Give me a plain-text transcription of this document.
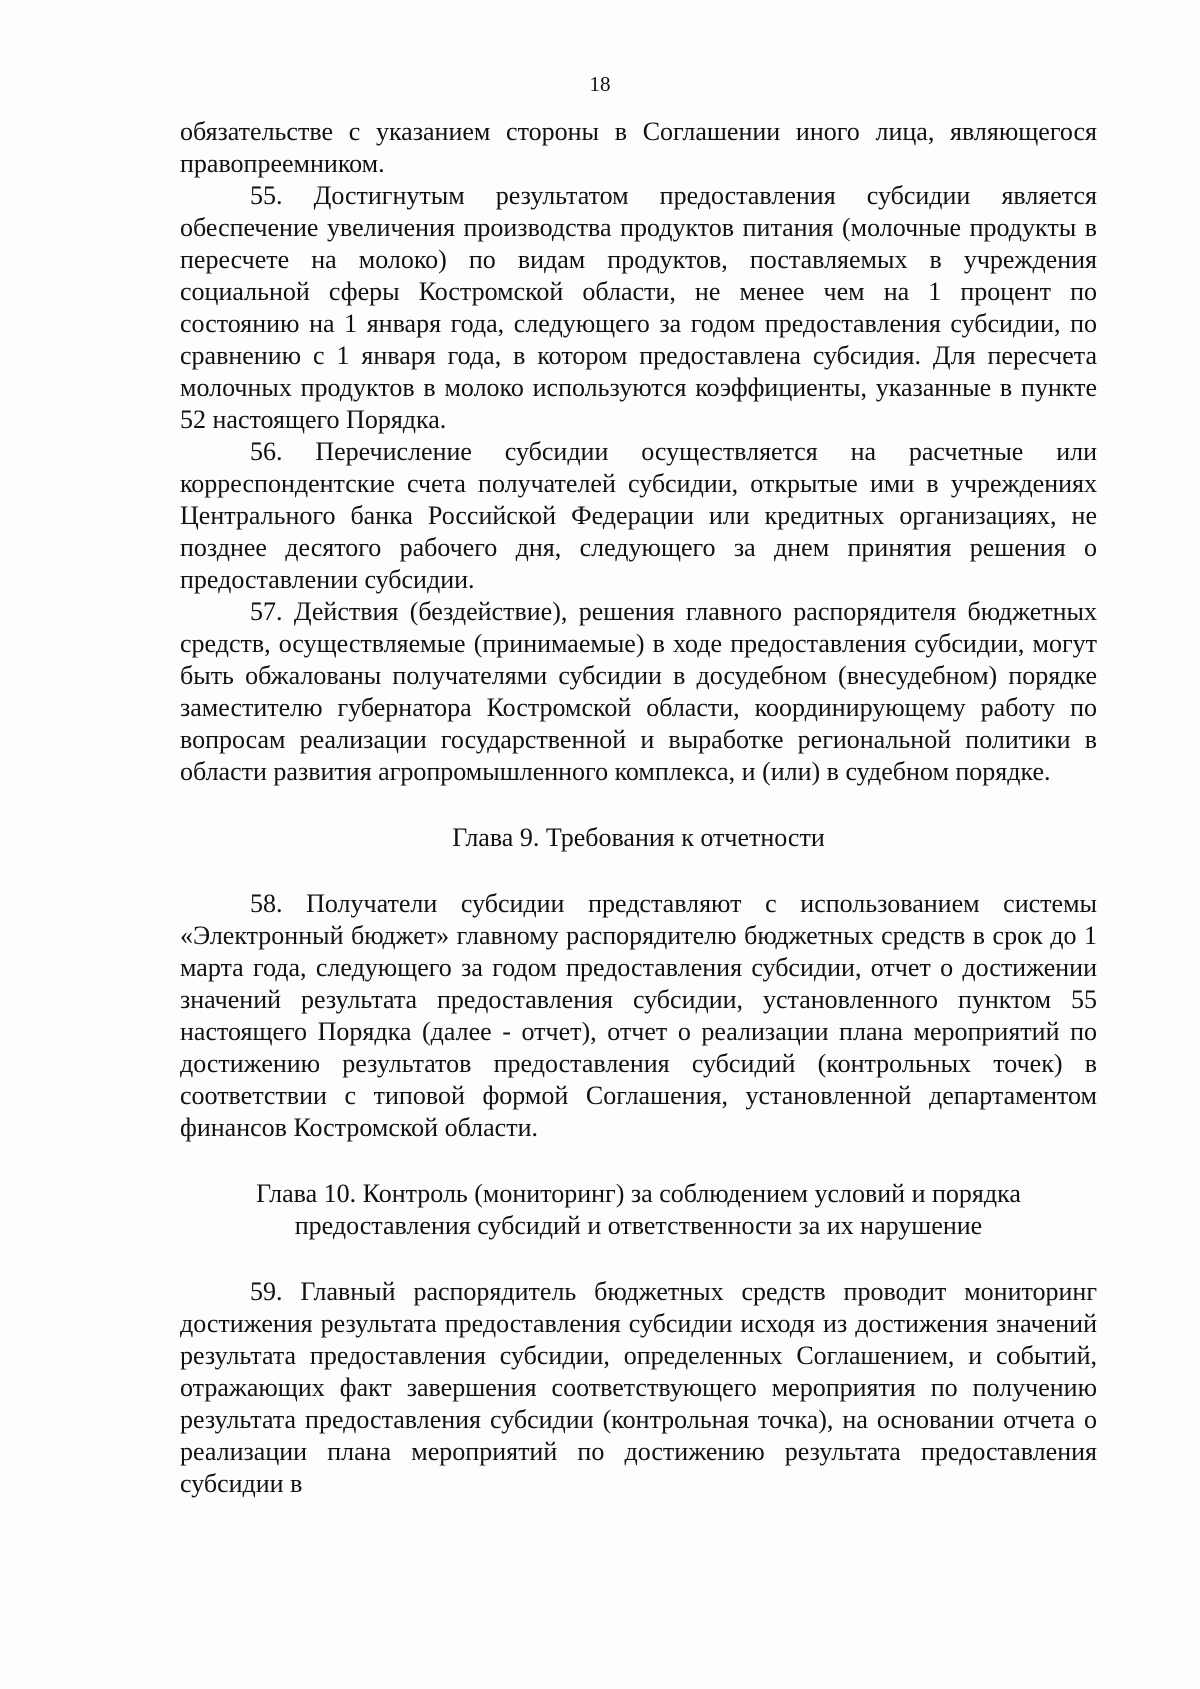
18

обязательстве с указанием стороны в Соглашении иного лица, являющегося правопреемником.

55. Достигнутым результатом предоставления субсидии является обеспечение увеличения производства продуктов питания (молочные продукты в пересчете на молоко) по видам продуктов, поставляемых в учреждения социальной сферы Костромской области, не менее чем на 1 процент по состоянию на 1 января года, следующего за годом предоставления субсидии, по сравнению с 1 января года, в котором предоставлена субсидия. Для пересчета молочных продуктов в молоко используются коэффициенты, указанные в пункте 52 настоящего Порядка.

56. Перечисление субсидии осуществляется на расчетные или корреспондентские счета получателей субсидии, открытые ими в учреждениях Центрального банка Российской Федерации или кредитных организациях, не позднее десятого рабочего дня, следующего за днем принятия решения о предоставлении субсидии.

57. Действия (бездействие), решения главного распорядителя бюджетных средств, осуществляемые (принимаемые) в ходе предоставления субсидии, могут быть обжалованы получателями субсидии в досудебном (внесудебном) порядке заместителю губернатора Костромской области, координирующему работу по вопросам реализации государственной и выработке региональной политики в области развития агропромышленного комплекса, и (или) в судебном порядке.

Глава 9. Требования к отчетности

58. Получатели субсидии представляют с использованием системы «Электронный бюджет» главному распорядителю бюджетных средств в срок до 1 марта года, следующего за годом предоставления субсидии, отчет о достижении значений результата предоставления субсидии, установленного пунктом 55 настоящего Порядка (далее - отчет), отчет о реализации плана мероприятий по достижению результатов предоставления субсидий (контрольных точек) в соответствии с типовой формой Соглашения, установленной департаментом финансов Костромской области.

Глава 10. Контроль (мониторинг) за соблюдением условий и порядка

предоставления субсидий и ответственности за их нарушение

59. Главный распорядитель бюджетных средств проводит мониторинг достижения результата предоставления субсидии исходя из достижения значений результата предоставления субсидии, определенных Соглашением, и событий, отражающих факт завершения соответствующего мероприятия по получению результата предоставления субсидии (контрольная точка), на основании отчета о реализации плана мероприятий по достижению результата предоставления субсидии в
